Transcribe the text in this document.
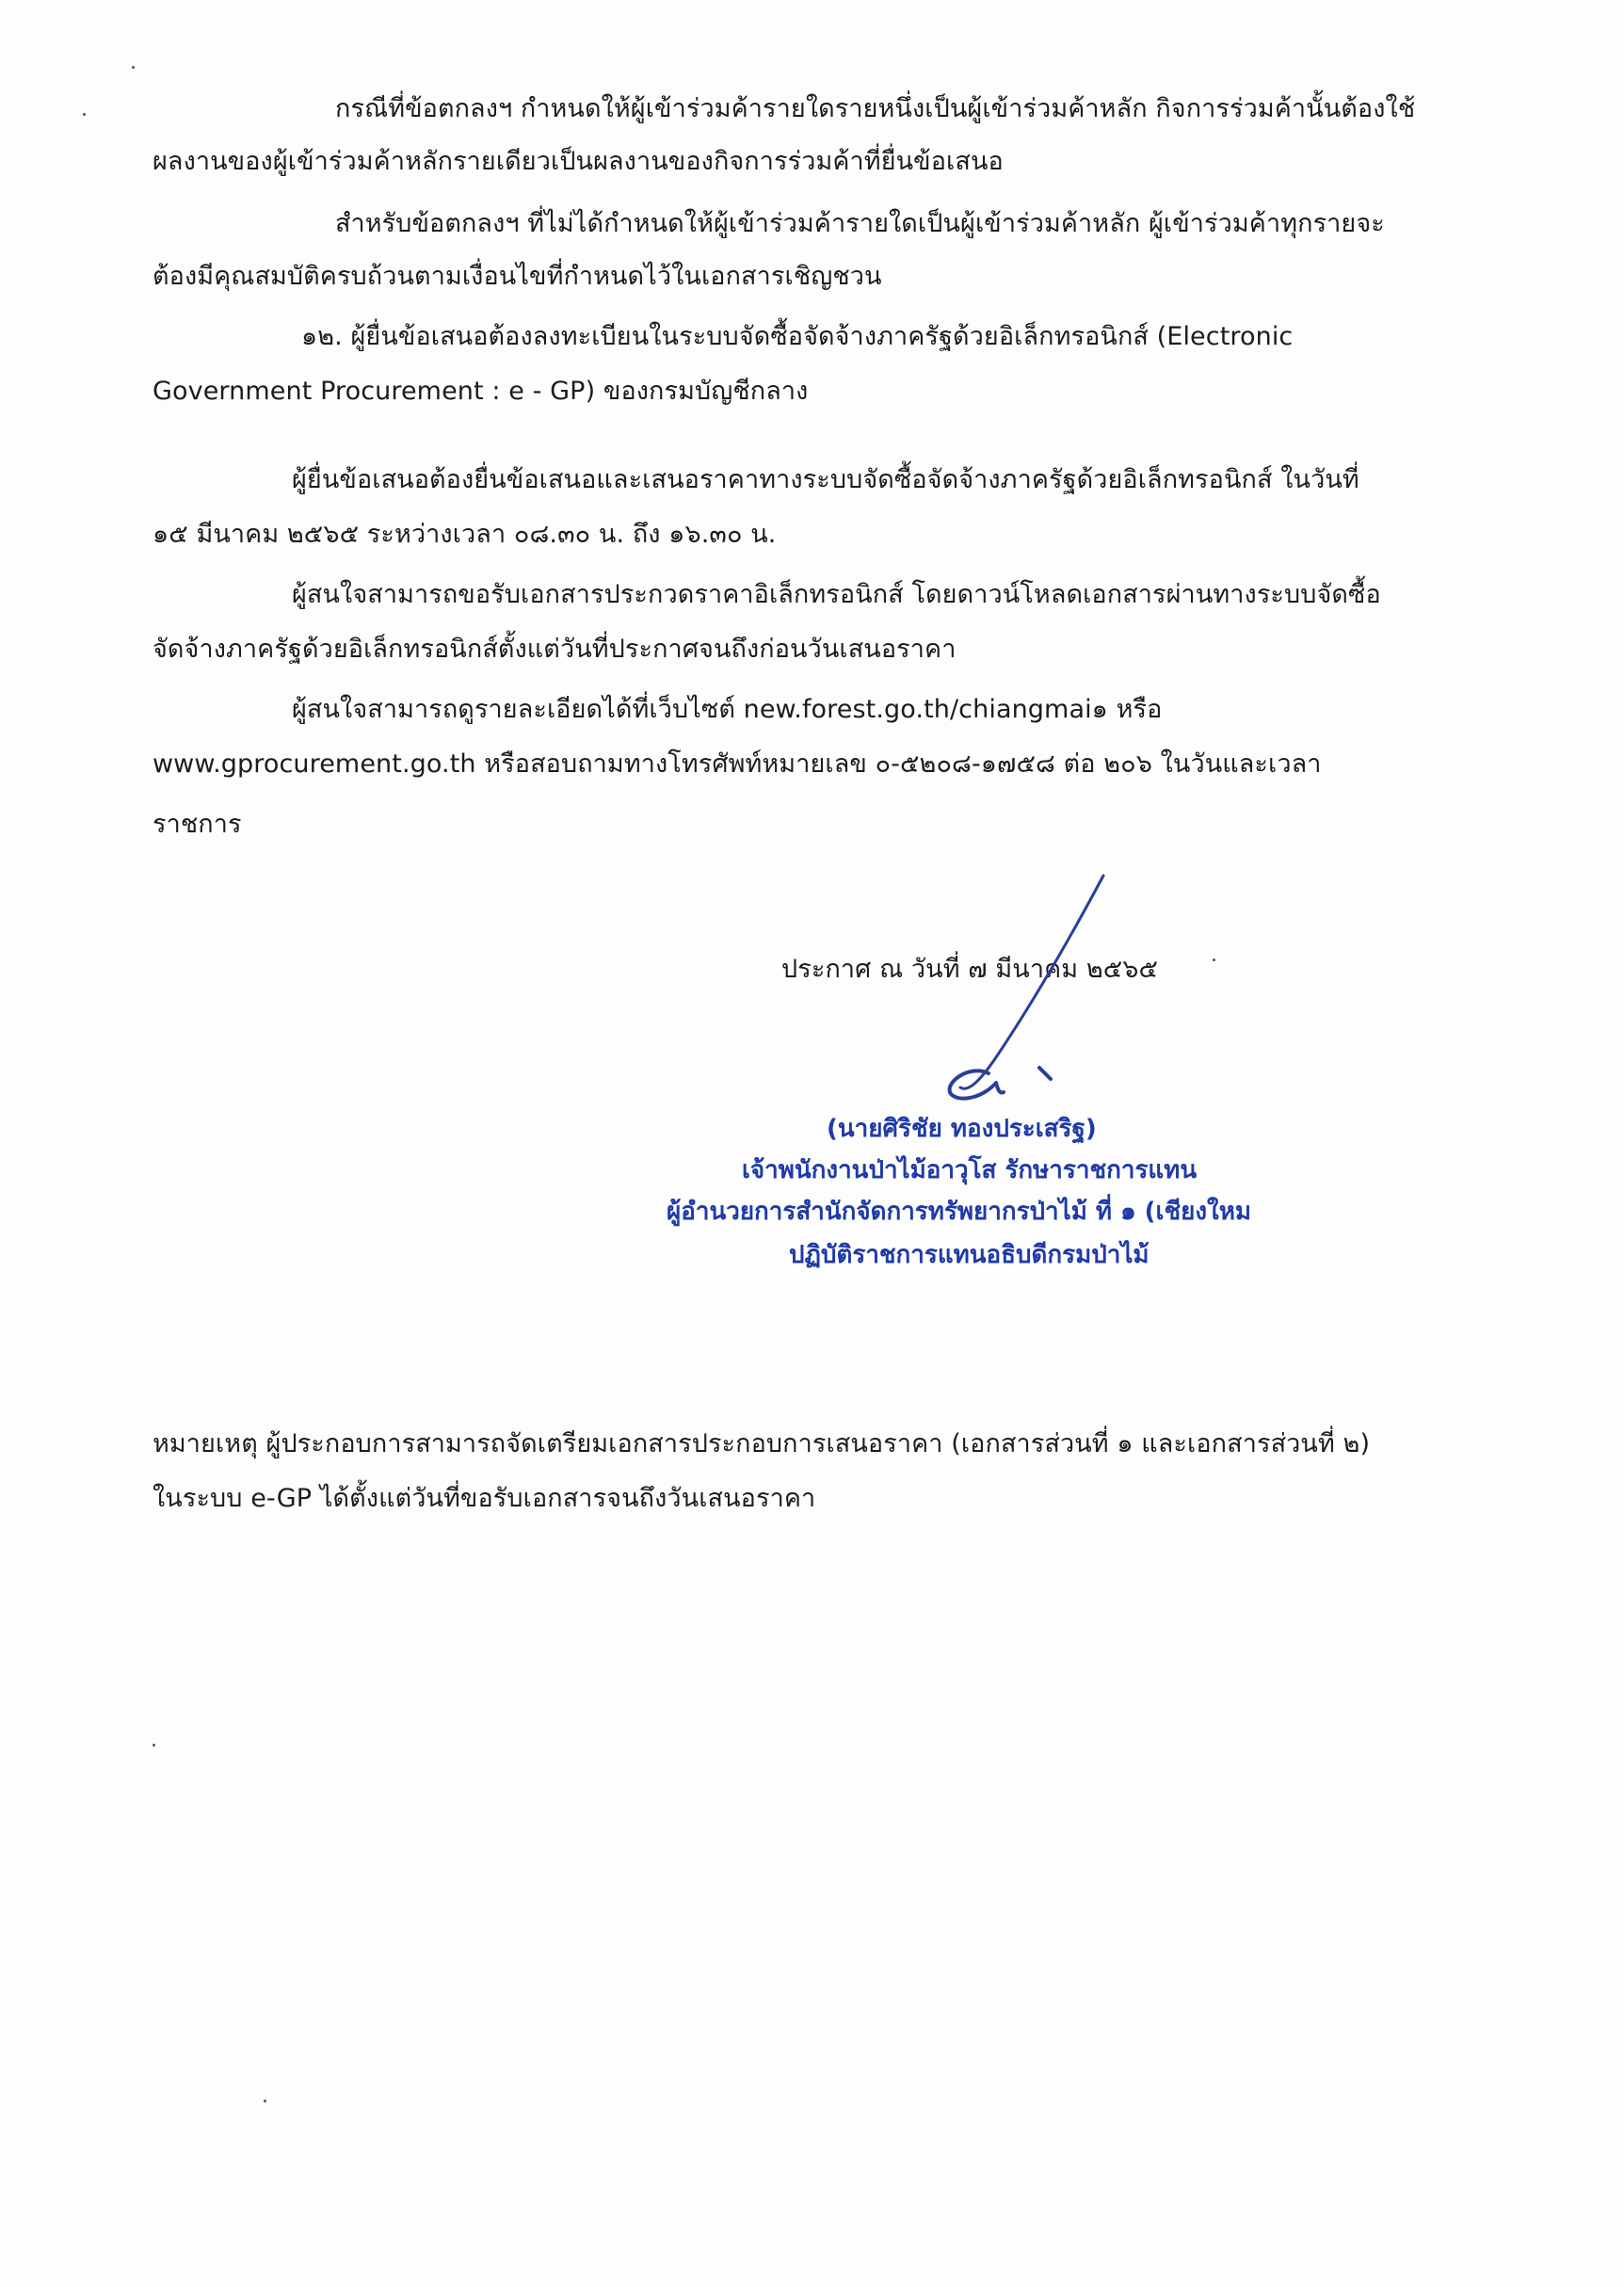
กรณีที่ข้อตกลงฯ กำหนดให้ผู้เข้าร่วมค้ารายใดรายหนึ่งเป็นผู้เข้าร่วมค้าหลัก กิจการร่วมค้านั้นต้องใช้
ผลงานของผู้เข้าร่วมค้าหลักรายเดียวเป็นผลงานของกิจการร่วมค้าที่ยื่นข้อเสนอ
สำหรับข้อตกลงฯ ที่ไม่ได้กำหนดให้ผู้เข้าร่วมค้ารายใดเป็นผู้เข้าร่วมค้าหลัก ผู้เข้าร่วมค้าทุกรายจะ
ต้องมีคุณสมบัติครบถ้วนตามเงื่อนไขที่กำหนดไว้ในเอกสารเชิญชวน
๑๒. ผู้ยื่นข้อเสนอต้องลงทะเบียนในระบบจัดซื้อจัดจ้างภาครัฐด้วยอิเล็กทรอนิกส์ (Electronic
Government Procurement : e - GP) ของกรมบัญชีกลาง
ผู้ยื่นข้อเสนอต้องยื่นข้อเสนอและเสนอราคาทางระบบจัดซื้อจัดจ้างภาครัฐด้วยอิเล็กทรอนิกส์ ในวันที่
๑๕ มีนาคม ๒๕๖๕ ระหว่างเวลา ๐๘.๓๐ น. ถึง ๑๖.๓๐ น.
ผู้สนใจสามารถขอรับเอกสารประกวดราคาอิเล็กทรอนิกส์ โดยดาวน์โหลดเอกสารผ่านทางระบบจัดซื้อ
จัดจ้างภาครัฐด้วยอิเล็กทรอนิกส์ตั้งแต่วันที่ประกาศจนถึงก่อนวันเสนอราคา
ผู้สนใจสามารถดูรายละเอียดได้ที่เว็บไซต์ new.forest.go.th/chiangmai๑ หรือ
www.gprocurement.go.th หรือสอบถามทางโทรศัพท์หมายเลข ๐-๕๒๐๘-๑๗๕๘ ต่อ ๒๐๖ ในวันและเวลา
ราชการ
ประกาศ ณ วันที่ ๗ มีนาคม ๒๕๖๕
(นายศิริชัย ทองประเสริฐ)
เจ้าพนักงานป่าไม้อาวุโส รักษาราชการแทน
ผู้อำนวยการสำนักจัดการทรัพยากรป่าไม้ ที่ ๑ (เชียงใหม
ปฏิบัติราชการแทนอธิบดีกรมป่าไม้
หมายเหตุ ผู้ประกอบการสามารถจัดเตรียมเอกสารประกอบการเสนอราคา (เอกสารส่วนที่ ๑ และเอกสารส่วนที่ ๒)
ในระบบ e-GP ได้ตั้งแต่วันที่ขอรับเอกสารจนถึงวันเสนอราคา
